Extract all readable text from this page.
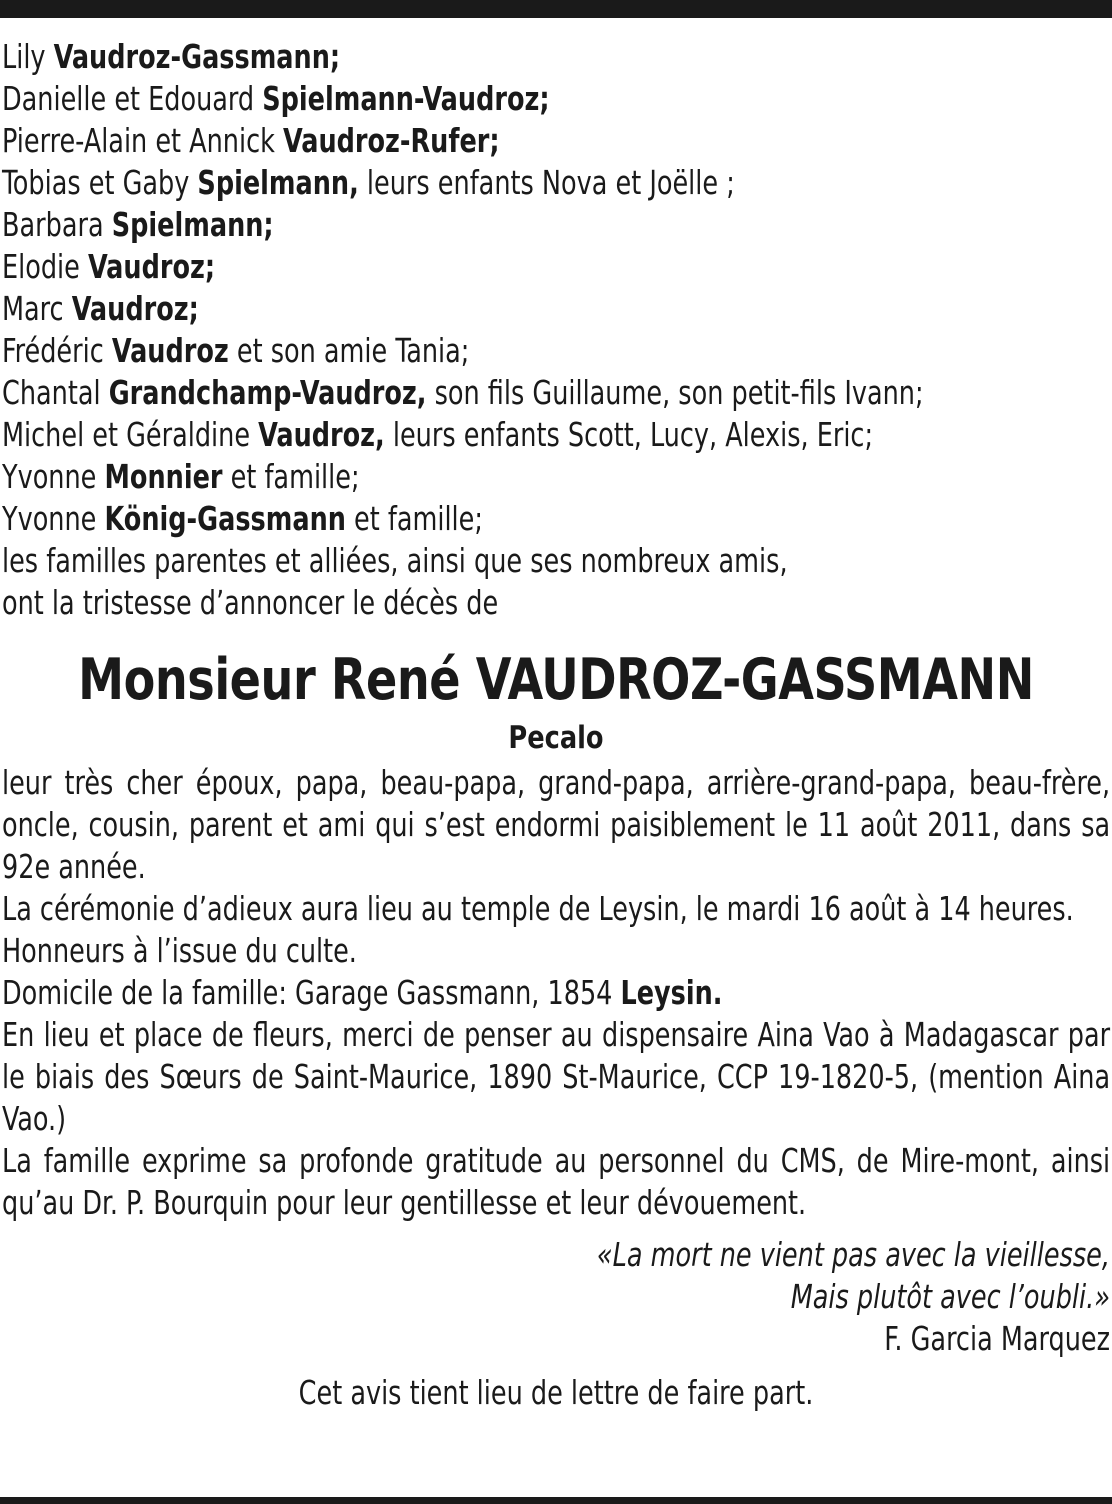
Lily Vaudroz-Gassmann;
Danielle et Edouard Spielmann-Vaudroz;
Pierre-Alain et Annick Vaudroz-Rufer;
Tobias et Gaby Spielmann, leurs enfants Nova et Joëlle ;
Barbara Spielmann;
Elodie Vaudroz;
Marc Vaudroz;
Frédéric Vaudroz et son amie Tania;
Chantal Grandchamp-Vaudroz, son fils Guillaume, son petit-fils Ivann;
Michel et Géraldine Vaudroz, leurs enfants Scott, Lucy, Alexis, Eric;
Yvonne Monnier et famille;
Yvonne König-Gassmann et famille;
les familles parentes et alliées, ainsi que ses nombreux amis,
ont la tristesse d’annoncer le décès de
Monsieur René VAUDROZ-GASSMANN
Pecalo
leur très cher époux, papa, beau-papa, grand-papa, arrière-grand-papa, beau-frère, oncle, cousin, parent et ami qui s’est endormi paisiblement le 11 août 2011, dans sa 92e année.
La cérémonie d’adieux aura lieu au temple de Leysin, le mardi 16 août à 14 heures.
Honneurs à l’issue du culte.
Domicile de la famille: Garage Gassmann, 1854 Leysin.
En lieu et place de fleurs, merci de penser au dispensaire Aina Vao à Madagascar par le biais des Sœurs de Saint-Maurice, 1890 St-Maurice, CCP 19-1820-5, (mention Aina Vao.)
La famille exprime sa profonde gratitude au personnel du CMS, de Mire-mont, ainsi qu’au Dr. P. Bourquin pour leur gentillesse et leur dévouement.
«La mort ne vient pas avec la vieillesse,
Mais plutôt avec l’oubli.»
F. Garcia Marquez
Cet avis tient lieu de lettre de faire part.
